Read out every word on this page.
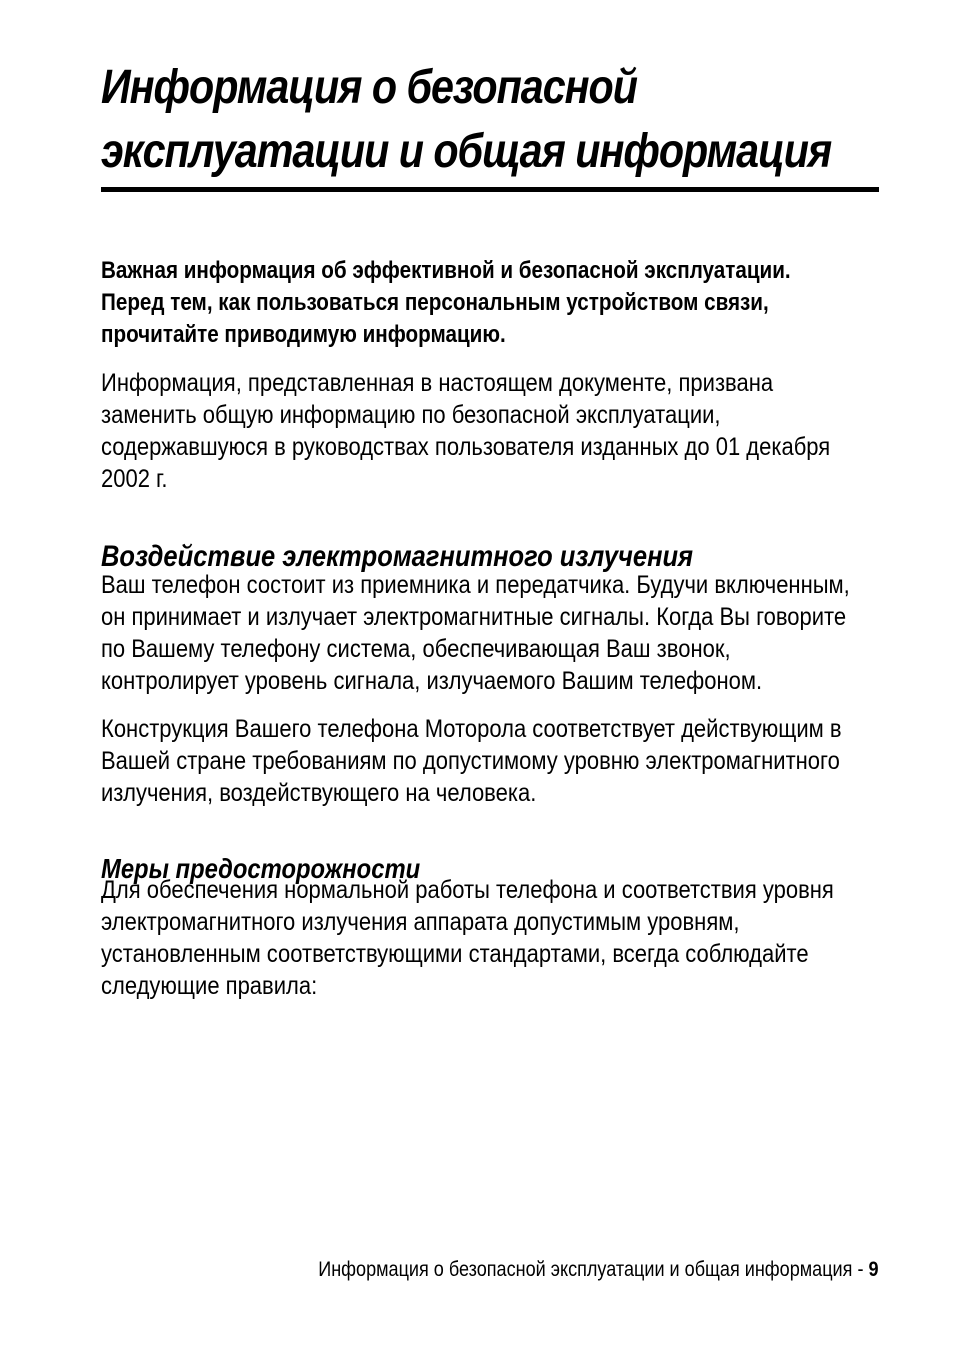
Информация о безопасной
эксплуатации и общая информация
Важная информация об эффективной и безопасной эксплуатации.
Перед тем, как пользоваться персональным устройством связи,
прочитайте приводимую информацию.
Информация, представленная в настоящем документе, призвана
заменить общую информацию по безопасной эксплуатации,
содержавшуюся в руководствах пользователя изданных до 01 декабря
2002 г.
Воздействие электромагнитного излучения
Ваш телефон состоит из приемника и передатчика. Будучи включенным,
он принимает и излучает электромагнитные сигналы. Когда Вы говорите
по Вашему телефону система, обеспечивающая Ваш звонок,
контролирует уровень сигнала, излучаемого Вашим телефоном.
Конструкция Вашего телефона Моторола соответствует действующим в
Вашей стране требованиям по допустимому уровню электромагнитного
излучения, воздействующего на человека.
Меры предосторожности
Для обеспечения нормальной работы телефона и соответствия уровня
электромагнитного излучения аппарата допустимым уровням,
установленным соответствующими стандартами, всегда соблюдайте
следующие правила:
Информация о безопасной эксплуатации и общая информация - 9
